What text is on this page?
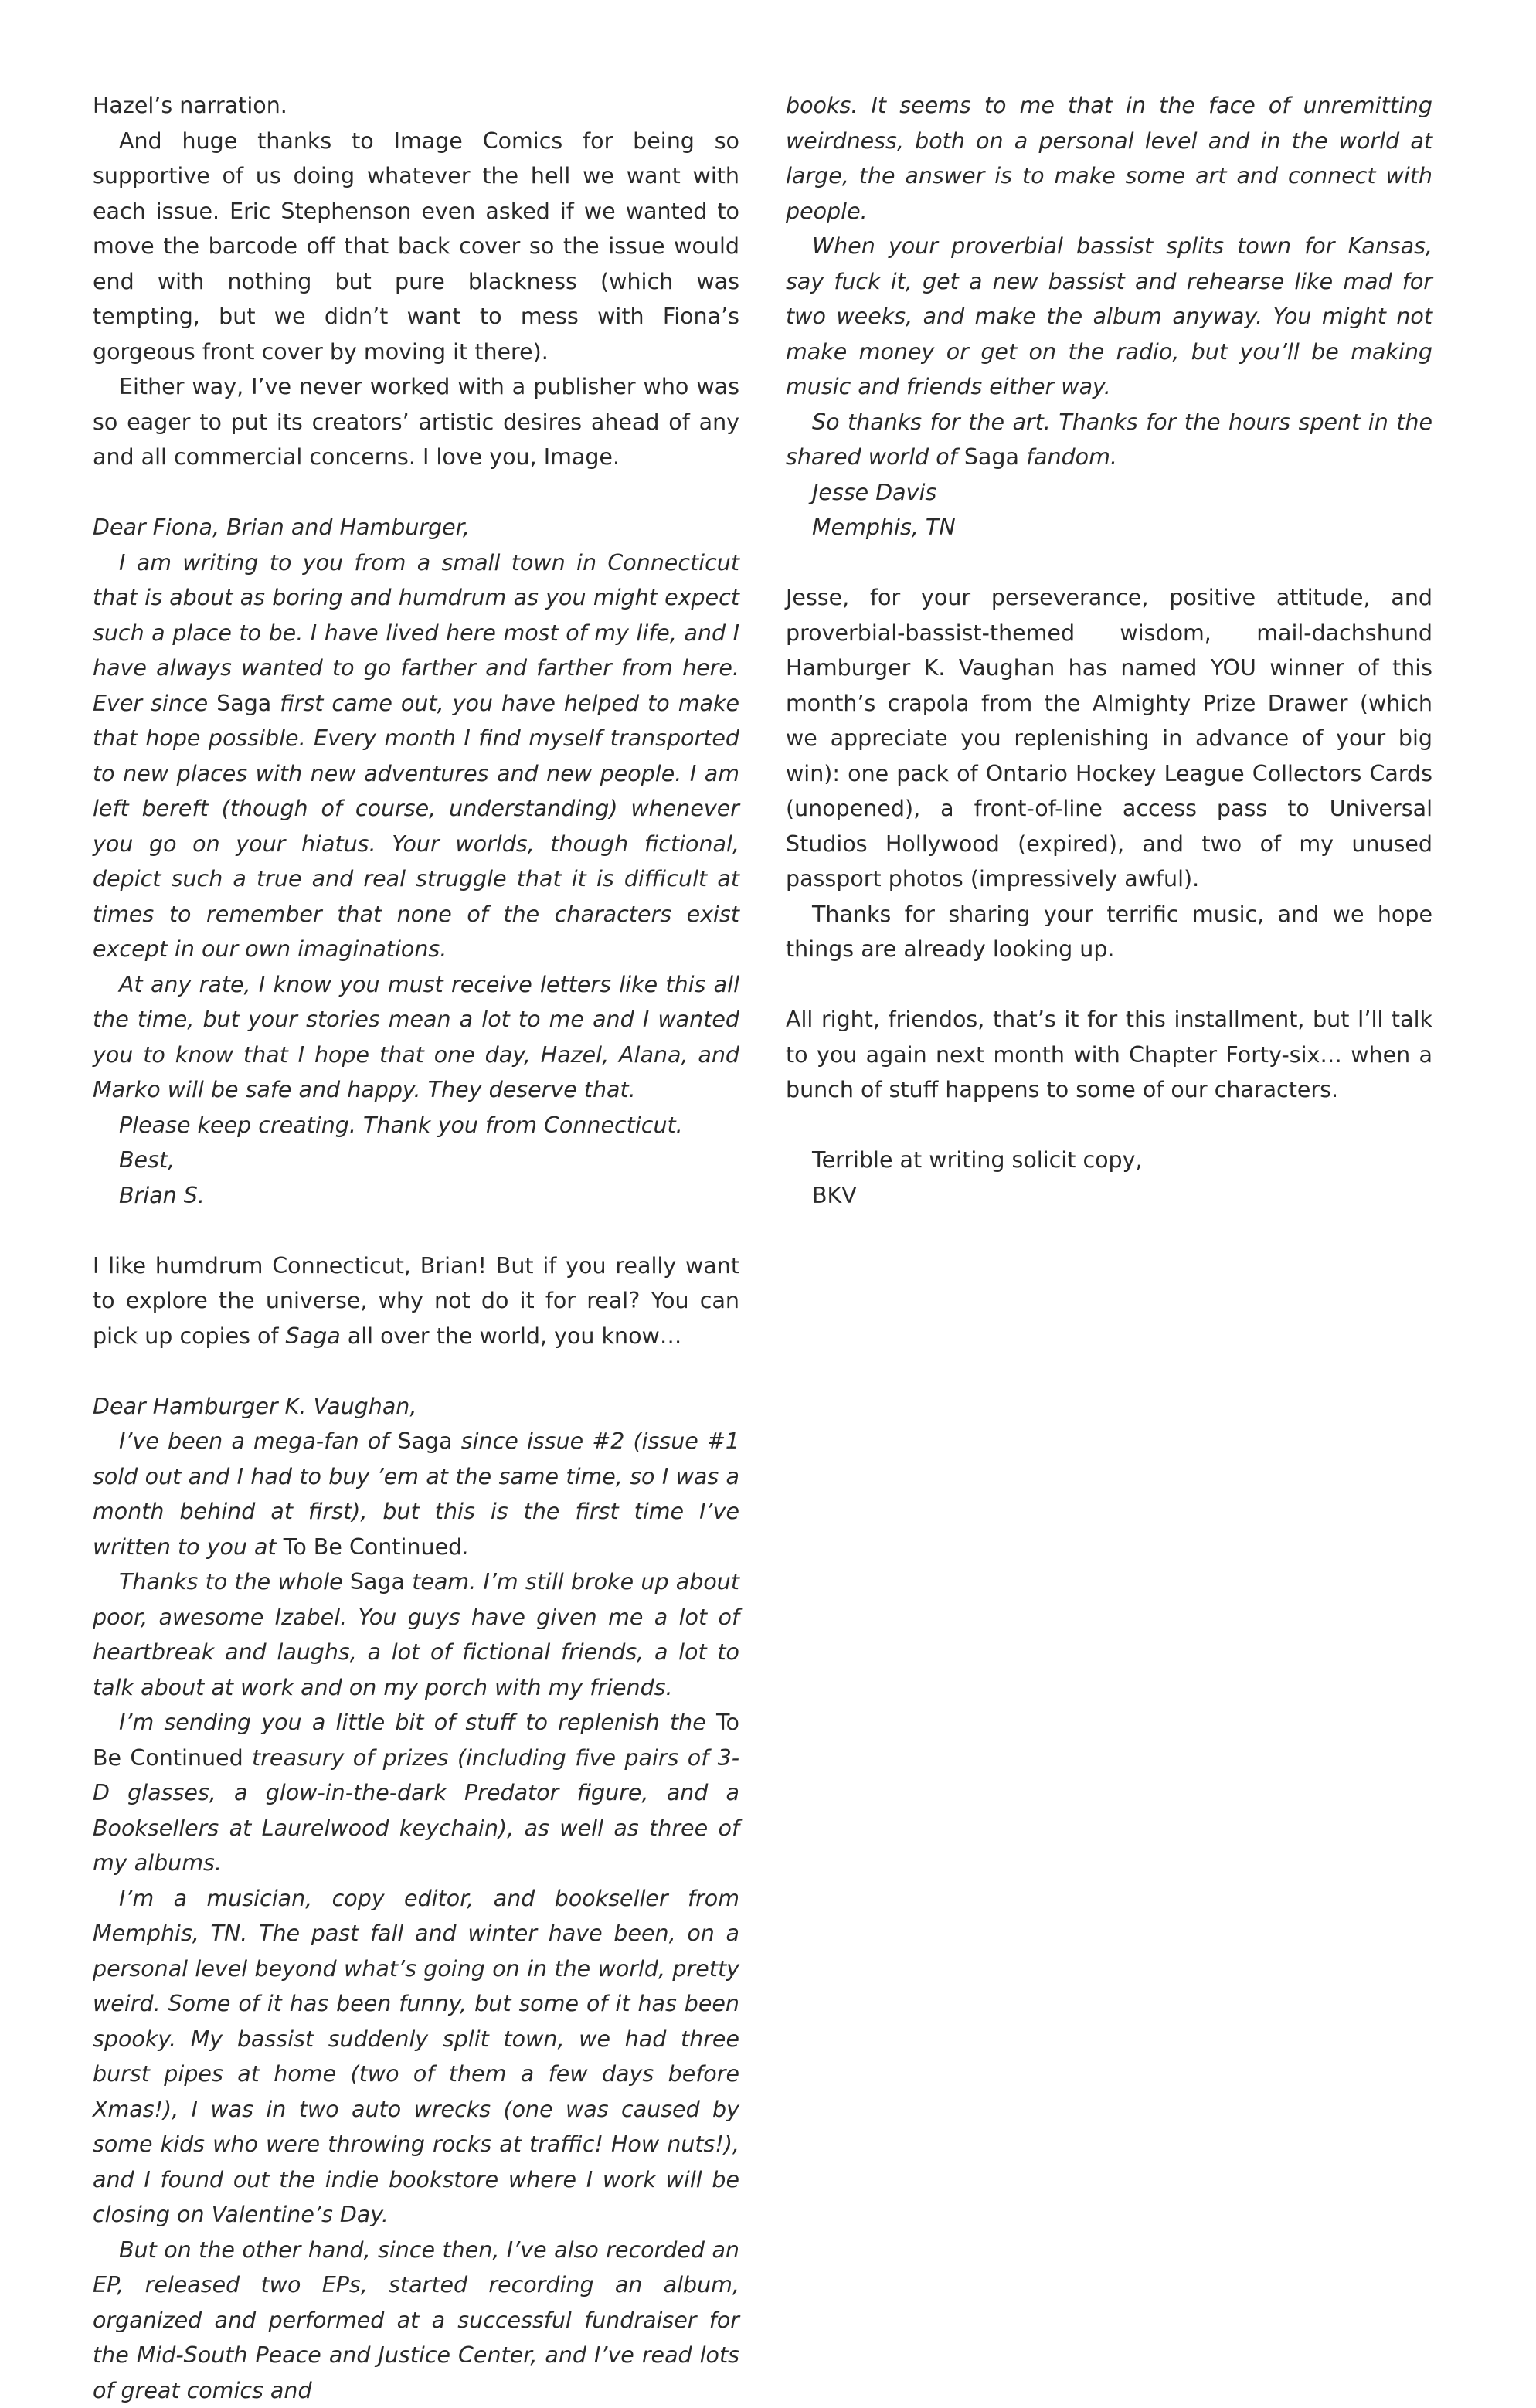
Hazel’s narration.

And huge thanks to Image Comics for being so supportive of us doing whatever the hell we want with each issue. Eric Stephenson even asked if we wanted to move the barcode off that back cover so the issue would end with nothing but pure blackness (which was tempting, but we didn’t want to mess with Fiona’s gorgeous front cover by moving it there).

Either way, I’ve never worked with a publisher who was so eager to put its creators’ artistic desires ahead of any and all commercial concerns. I love you, Image.

Dear Fiona, Brian and Hamburger,

I am writing to you from a small town in Connecticut that is about as boring and humdrum as you might expect such a place to be. I have lived here most of my life, and I have always wanted to go farther and farther from here. Ever since Saga first came out, you have helped to make that hope possible. Every month I find myself transported to new places with new adventures and new people. I am left bereft (though of course, understanding) whenever you go on your hiatus. Your worlds, though fictional, depict such a true and real struggle that it is difficult at times to remember that none of the characters exist except in our own imaginations.

At any rate, I know you must receive letters like this all the time, but your stories mean a lot to me and I wanted you to know that I hope that one day, Hazel, Alana, and Marko will be safe and happy. They deserve that.

Please keep creating. Thank you from Connecticut.

Best,

Brian S.

I like humdrum Connecticut, Brian! But if you really want to explore the universe, why not do it for real? You can pick up copies of Saga all over the world, you know…

Dear Hamburger K. Vaughan,

I’ve been a mega-fan of Saga since issue #2 (issue #1 sold out and I had to buy ’em at the same time, so I was a month behind at first), but this is the first time I’ve written to you at To Be Continued.

Thanks to the whole Saga team. I’m still broke up about poor, awesome Izabel. You guys have given me a lot of heartbreak and laughs, a lot of fictional friends, a lot to talk about at work and on my porch with my friends.

I’m sending you a little bit of stuff to replenish the To Be Continued treasury of prizes (including five pairs of 3-D glasses, a glow-in-the-dark Predator figure, and a Booksellers at Laurelwood keychain), as well as three of my albums.

I’m a musician, copy editor, and bookseller from Memphis, TN. The past fall and winter have been, on a personal level beyond what’s going on in the world, pretty weird. Some of it has been funny, but some of it has been spooky. My bassist suddenly split town, we had three burst pipes at home (two of them a few days before Xmas!), I was in two auto wrecks (one was caused by some kids who were throwing rocks at traffic! How nuts!), and I found out the indie bookstore where I work will be closing on Valentine’s Day.

But on the other hand, since then, I’ve also recorded an EP, released two EPs, started recording an album, organized and performed at a successful fundraiser for the Mid-South Peace and Justice Center, and I’ve read lots of great comics and

books. It seems to me that in the face of unremitting weirdness, both on a personal level and in the world at large, the answer is to make some art and connect with people.

When your proverbial bassist splits town for Kansas, say fuck it, get a new bassist and rehearse like mad for two weeks, and make the album anyway. You might not make money or get on the radio, but you’ll be making music and friends either way.

So thanks for the art. Thanks for the hours spent in the shared world of Saga fandom.

Jesse Davis

Memphis, TN

Jesse, for your perseverance, positive attitude, and proverbial-bassist-themed wisdom, mail-dachshund Hamburger K. Vaughan has named YOU winner of this month’s crapola from the Almighty Prize Drawer (which we appreciate you replenishing in advance of your big win): one pack of Ontario Hockey League Collectors Cards (unopened), a front-of-line access pass to Universal Studios Hollywood (expired), and two of my unused passport photos (impressively awful).

Thanks for sharing your terrific music, and we hope things are already looking up.

All right, friendos, that’s it for this installment, but I’ll talk to you again next month with Chapter Forty-six… when a bunch of stuff happens to some of our characters.

Terrible at writing solicit copy,

BKV
